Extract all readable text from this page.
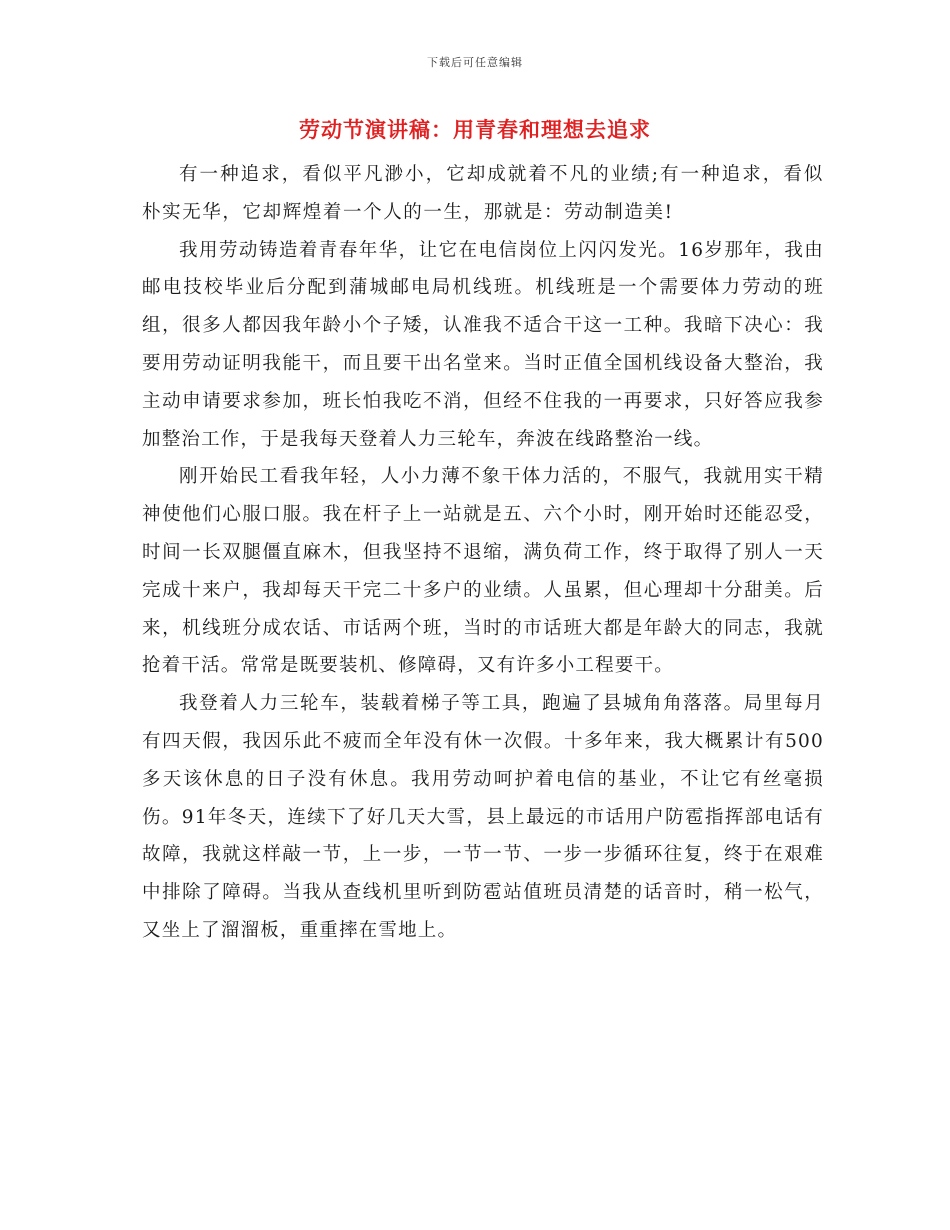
下载后可任意编辑
劳动节演讲稿：用青春和理想去追求

有一种追求，看似平凡渺小，它却成就着不凡的业绩;有一种追求，看似朴实无华，它却辉煌着一个人的一生，那就是：劳动制造美!

我用劳动铸造着青春年华，让它在电信岗位上闪闪发光。16岁那年，我由邮电技校毕业后分配到蒲城邮电局机线班。机线班是一个需要体力劳动的班组，很多人都因我年龄小个子矮，认准我不适合干这一工种。我暗下决心：我要用劳动证明我能干，而且要干出名堂来。当时正值全国机线设备大整治，我主动申请要求参加，班长怕我吃不消，但经不住我的一再要求，只好答应我参加整治工作，于是我每天登着人力三轮车，奔波在线路整治一线。

刚开始民工看我年轻，人小力薄不象干体力活的，不服气，我就用实干精神使他们心服口服。我在杆子上一站就是五、六个小时，刚开始时还能忍受，时间一长双腿僵直麻木，但我坚持不退缩，满负荷工作，终于取得了别人一天完成十来户，我却每天干完二十多户的业绩。人虽累，但心理却十分甜美。后来，机线班分成农话、市话两个班，当时的市话班大都是年龄大的同志，我就抢着干活。常常是既要装机、修障碍，又有许多小工程要干。

我登着人力三轮车，装载着梯子等工具，跑遍了县城角角落落。局里每月有四天假，我因乐此不疲而全年没有休一次假。十多年来，我大概累计有500多天该休息的日子没有休息。我用劳动呵护着电信的基业，不让它有丝毫损伤。91年冬天，连续下了好几天大雪，县上最远的市话用户防雹指挥部电话有故障，我就这样敲一节，上一步，一节一节、一步一步循环往复，终于在艰难中排除了障碍。当我从查线机里听到防雹站值班员清楚的话音时，稍一松气，又坐上了溜溜板，重重摔在雪地上。
